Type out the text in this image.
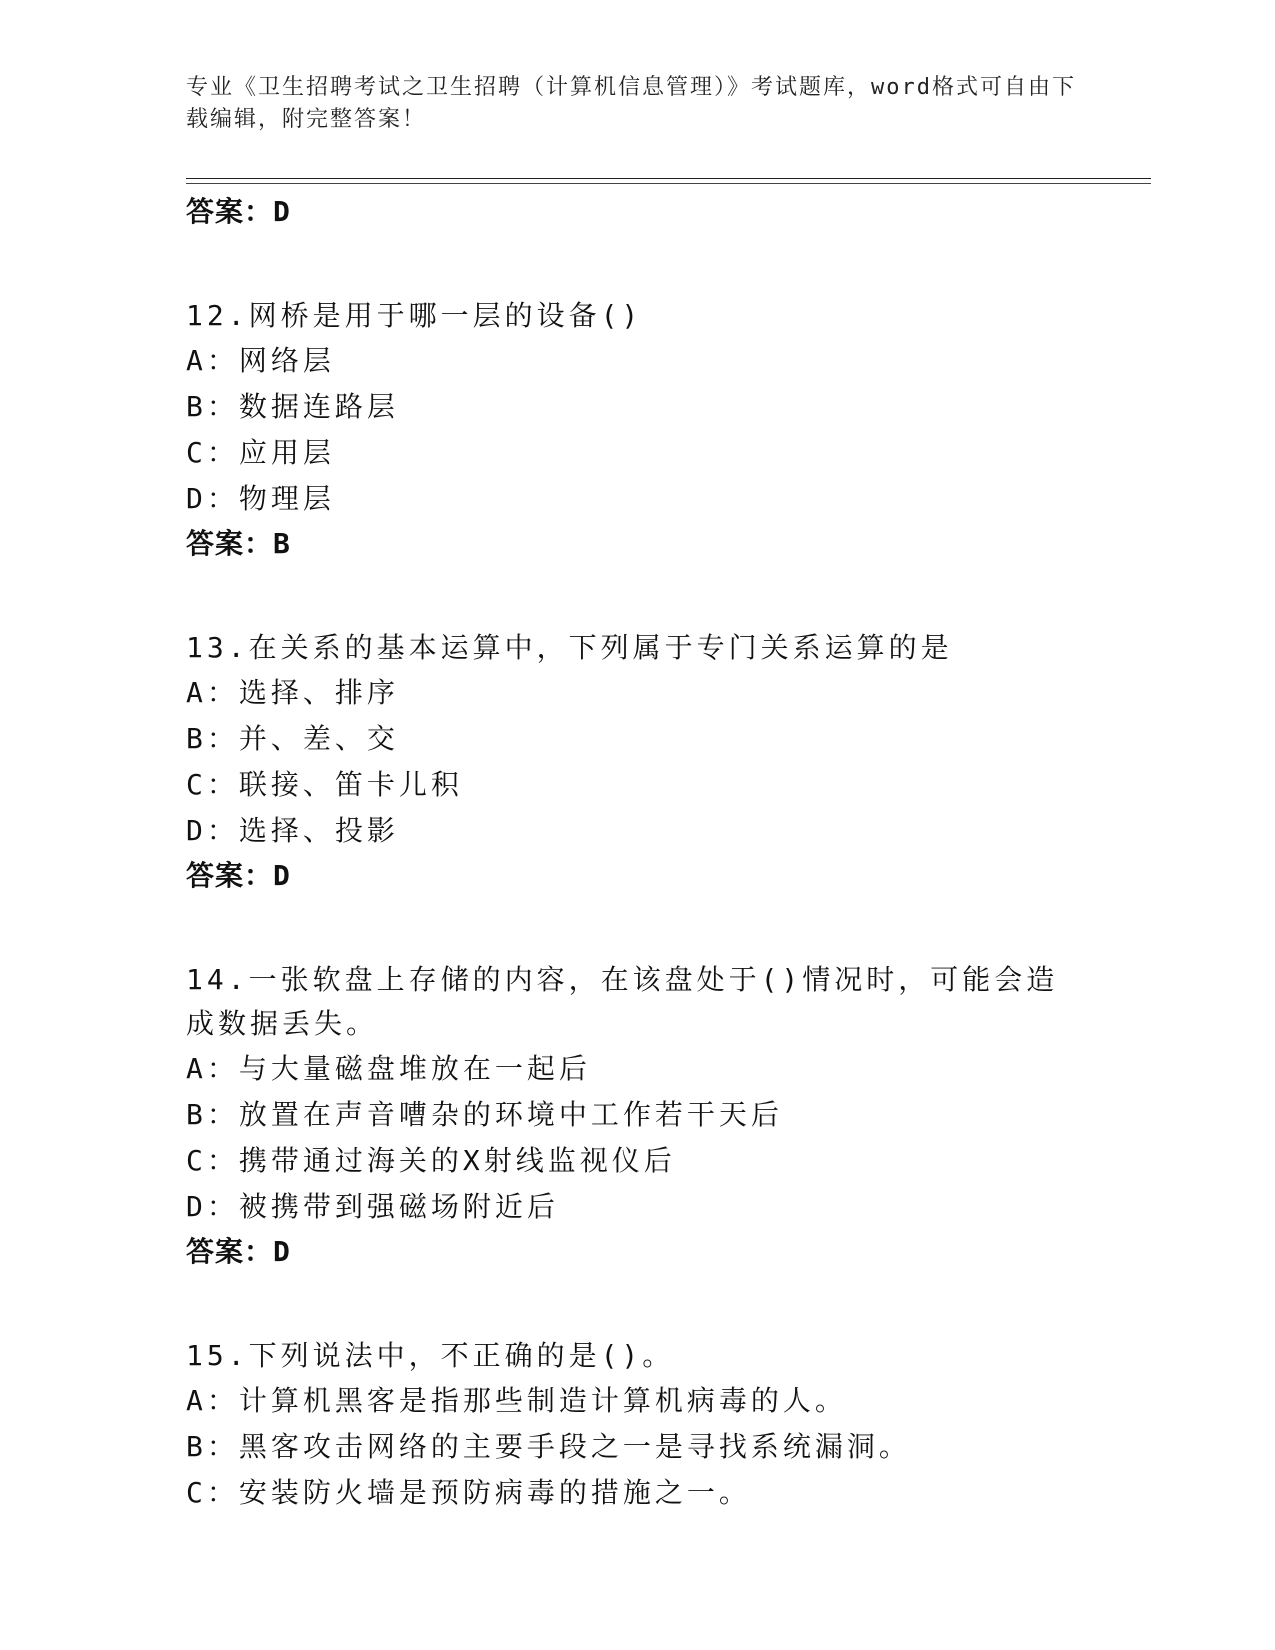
专业《卫生招聘考试之卫生招聘（计算机信息管理）》考试题库，word格式可自由下载编辑，附完整答案！
答案：D
12.网桥是用于哪一层的设备()
A：网络层
B：数据连路层
C：应用层
D：物理层
答案：B
13.在关系的基本运算中，下列属于专门关系运算的是
A：选择、排序
B：并、差、交
C：联接、笛卡儿积
D：选择、投影
答案：D
14.一张软盘上存储的内容，在该盘处于()情况时，可能会造成数据丢失。
A：与大量磁盘堆放在一起后
B：放置在声音嘈杂的环境中工作若干天后
C：携带通过海关的X射线监视仪后
D：被携带到强磁场附近后
答案：D
15.下列说法中，不正确的是()。
A：计算机黑客是指那些制造计算机病毒的人。
B：黑客攻击网络的主要手段之一是寻找系统漏洞。
C：安装防火墙是预防病毒的措施之一。
